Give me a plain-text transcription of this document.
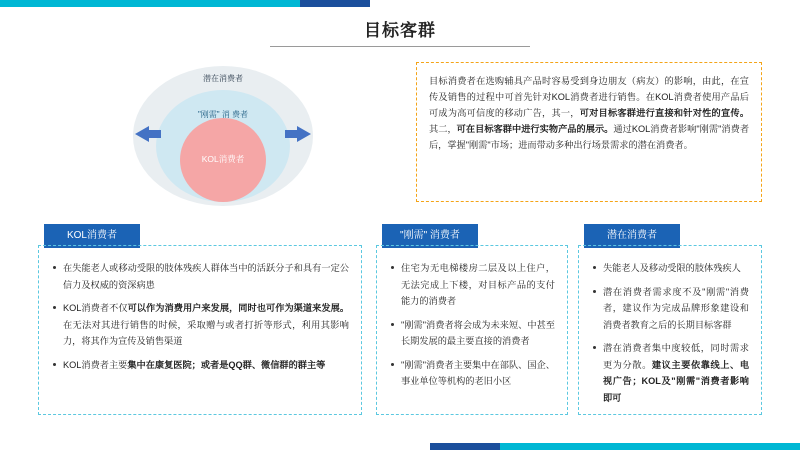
目标客群
潜在消费者
"刚需" 消 费者
KOL消费者

目标消费者在选购辅具产品时容易受到身边朋友（病友）的影响，由此，在宣传及销售的过程中可首先针对KOL消费者进行销售。在KOL消费者使用产品后可成为高可信度的移动广告，其一，可对目标客群进行直接和针对性的宣传。其二，可在目标客群中进行实物产品的展示。通过KOL消费者影响"刚需"消费者后，掌握"刚需"市场；进而带动多种出行场景需求的潜在消费者。

KOL消费者	"刚需" 消费者	潜在消费者
在失能老人或移动受限的肢体残疾人群体当中的活跃分子和具有一定公信力及权威的资深病患
KOL消费者不仅可以作为消费用户来发展，同时也可作为渠道来发展。在无法对其进行销售的时候，采取赠与或者打折等形式，利用其影响力，将其作为宣传及销售渠道
KOL消费者主要集中在康复医院；或者是QQ群、微信群的群主等
住宅为无电梯楼房二层及以上住户，无法完成上下楼，对目标产品的支付能力的消费者
"刚需"消费者将会成为未来短、中甚至长期发展的最主要直接的消费者
"刚需"消费者主要集中在部队、国企、事业单位等机构的老旧小区
失能老人及移动受限的肢体残疾人
潜在消费者需求度不及"刚需"消费者，建议作为完成品牌形象建设和消费者教育之后的长期目标客群
潜在消费者集中度较低，同时需求更为分散。建议主要依靠线上、电视广告；KOL及"刚需"消费者影响即可
